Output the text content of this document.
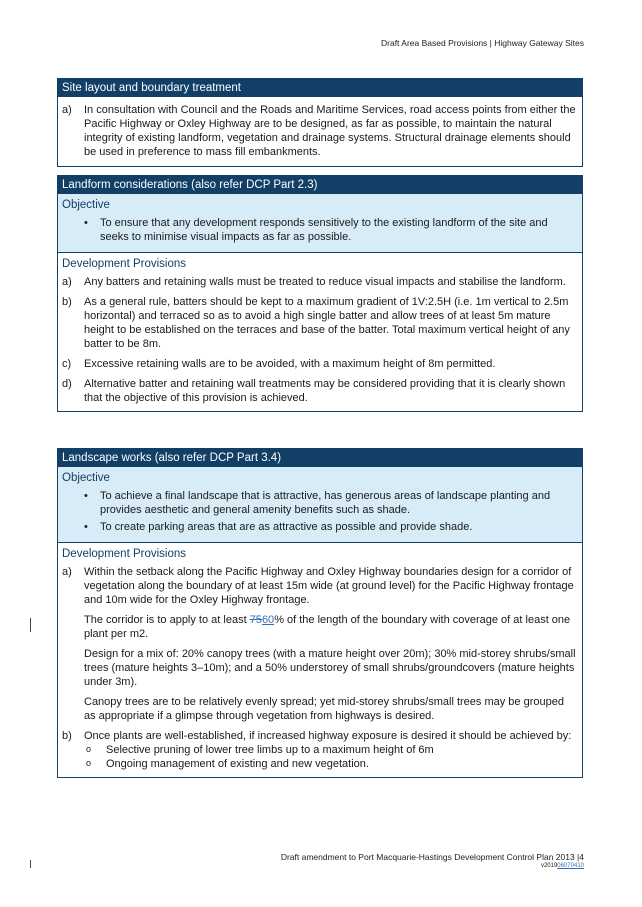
Draft Area Based Provisions | Highway Gateway Sites
Site layout and boundary treatment
a) In consultation with Council and the Roads and Maritime Services, road access points from either the Pacific Highway or Oxley Highway are to be designed, as far as possible, to maintain the natural integrity of existing landform, vegetation and drainage systems. Structural drainage elements should be used in preference to mass fill embankments.
Landform considerations (also refer DCP Part 2.3)
Objective
• To ensure that any development responds sensitively to the existing landform of the site and seeks to minimise visual impacts as far as possible.
Development Provisions
a) Any batters and retaining walls must be treated to reduce visual impacts and stabilise the landform.
b) As a general rule, batters should be kept to a maximum gradient of 1V:2.5H (i.e. 1m vertical to 2.5m horizontal) and terraced so as to avoid a high single batter and allow trees of at least 5m mature height to be established on the terraces and base of the batter. Total maximum vertical height of any batter to be 8m.
c) Excessive retaining walls are to be avoided, with a maximum height of 8m permitted.
d) Alternative batter and retaining wall treatments may be considered providing that it is clearly shown that the objective of this provision is achieved.
Landscape works (also refer DCP Part 3.4)
Objective
• To achieve a final landscape that is attractive, has generous areas of landscape planting and provides aesthetic and general amenity benefits such as shade.
• To create parking areas that are as attractive as possible and provide shade.
Development Provisions
a) Within the setback along the Pacific Highway and Oxley Highway boundaries design for a corridor of vegetation along the boundary of at least 15m wide (at ground level) for the Pacific Highway frontage and 10m wide for the Oxley Highway frontage.
The corridor is to apply to at least 7560% of the length of the boundary with coverage of at least one plant per m2.
Design for a mix of: 20% canopy trees (with a mature height over 20m); 30% mid-storey shrubs/small trees (mature heights 3–10m); and a 50% understorey of small shrubs/groundcovers (mature heights under 3m).
Canopy trees are to be relatively evenly spread; yet mid-storey shrubs/small trees may be grouped as appropriate if a glimpse through vegetation from highways is desired.
b) Once plants are well-established, if increased highway exposure is desired it should be achieved by:
o Selective pruning of lower tree limbs up to a maximum height of 6m
o Ongoing management of existing and new vegetation.
Draft amendment to Port Macquarie-Hastings Development Control Plan 2013 |4
v20190607041​0
